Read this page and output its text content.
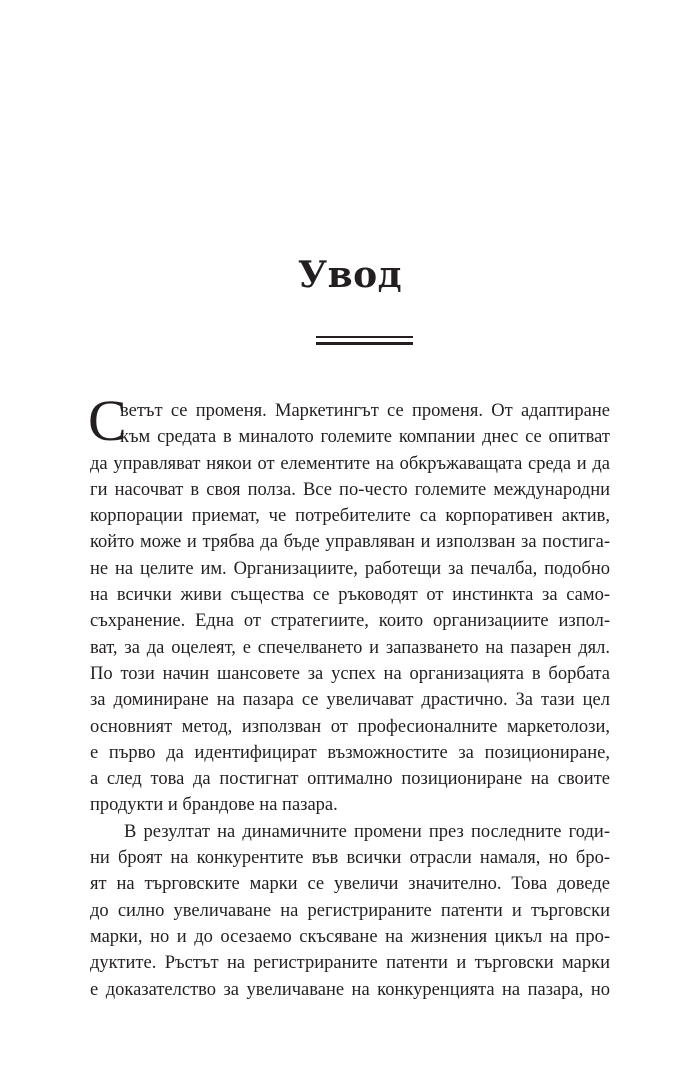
Увод
С
ветът се променя. Маркетингът се променя. От адаптиране
към средата в миналото големите компании днес се опитват
да управляват някои от елементите на обкръжаващата среда и да
ги насочват в своя полза. Все по-често големите международни
корпорации приемат, че потребителите са корпоративен актив,
който може и трябва да бъде управляван и използван за постига-
не на целите им. Организациите, работещи за печалба, подобно
на всички живи същества се ръководят от инстинкта за само-
съхранение. Една от стратегиите, които организациите изпол-
ват, за да оцелеят, е спечелването и запазването на пазарен дял.
По този начин шансовете за успех на организацията в борбата
за доминиране на пазара се увеличават драстично. За тази цел
основният метод, използван от професионалните маркетолози,
е първо да идентифицират възможностите за позициониране,
а след това да постигнат оптимално позициониране на своите
продукти и брандове на пазара.
В резултат на динамичните промени през последните годи-
ни броят на конкурентите във всички отрасли намаля, но бро-
ят на търговските марки се увеличи значително. Това доведе
до силно увеличаване на регистрираните патенти и търговски
марки, но и до осезаемо скъсяване на жизнения цикъл на про-
дуктите. Ръстът на регистрираните патенти и търговски марки
е доказателство за увеличаване на конкуренцията на пазара, но
